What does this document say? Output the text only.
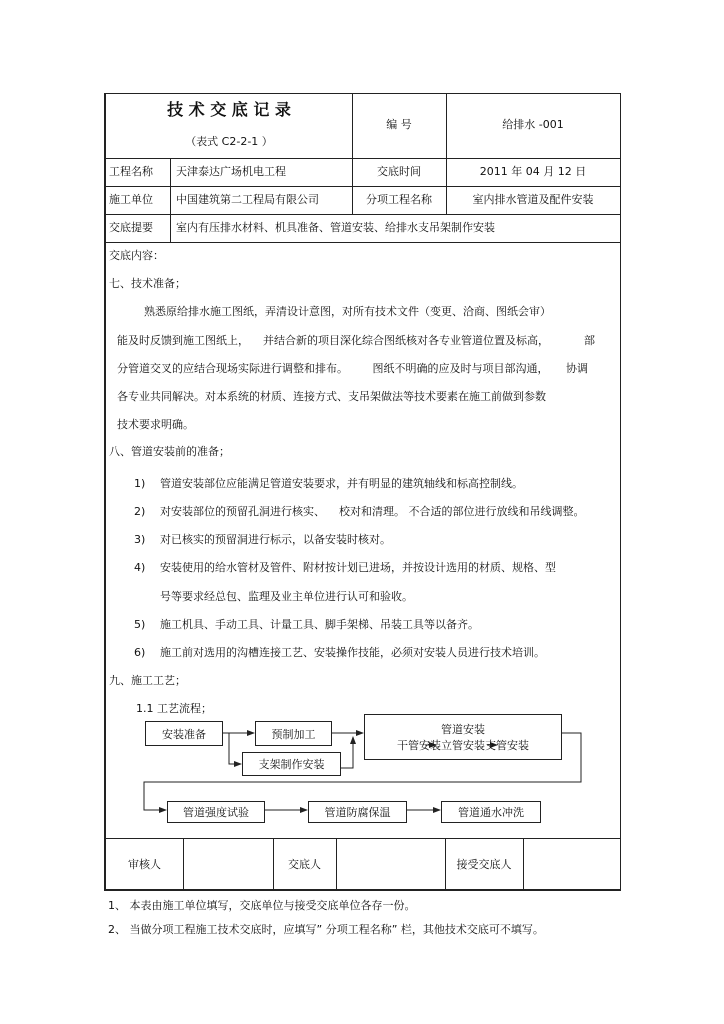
技 术 交 底 记 录
（表式 C2-2-1 ）
编 号	给排水 -001
工程名称 天津泰达广场机电工程	交底时间	2011 年 04 月 12 日
施工单位 中国建筑第二工程局有限公司	分项工程名称	室内排水管道及配件安装
交底提要 室内有压排水材料、机具准备、管道安装、给排水支吊架制作安装
交底内容：
七、技术准备；
熟悉原给排水施工图纸，弄清设计意图，对所有技术文件（变更、洽商、图纸会审）
能及时反馈到施工图纸上，    并结合新的项目深化综合图纸核对各专业管道位置及标高，          部
分管道交叉的应结合现场实际进行调整和排布。       图纸不明确的应及时与项目部沟通，     协调
各专业共同解决。对本系统的材质、连接方式、支吊架做法等技术要素在施工前做到参数
技术要求明确。
八、管道安装前的准备；
1) 管道安装部位应能满足管道安装要求，并有明显的建筑轴线和标高控制线。
2) 对安装部位的预留孔洞进行核实、    校对和清理。 不合适的部位进行放线和吊线调整。
3) 对已核实的预留洞进行标示，以备安装时核对。
4) 安装使用的给水管材及管件、附材按计划已进场，并按设计选用的材质、规格、型
号等要求经总包、监理及业主单位进行认可和验收。
5) 施工机具、手动工具、计量工具、脚手架梯、吊装工具等以备齐。
6) 施工前对选用的沟槽连接工艺、安装操作技能，必须对安装人员进行技术培训。
九、施工工艺；
1.1 工艺流程；
安装准备	预制加工
支架制作安装
管道安装
干管安装立管安装支管安装
管道强度试验	管道防腐保温	管道通水冲洗
审核人	交底人	接受交底人
1、 本表由施工单位填写，交底单位与接受交底单位各存一份。
2、 当做分项工程施工技术交底时，应填写” 分项工程名称” 栏，其他技术交底可不填写。
